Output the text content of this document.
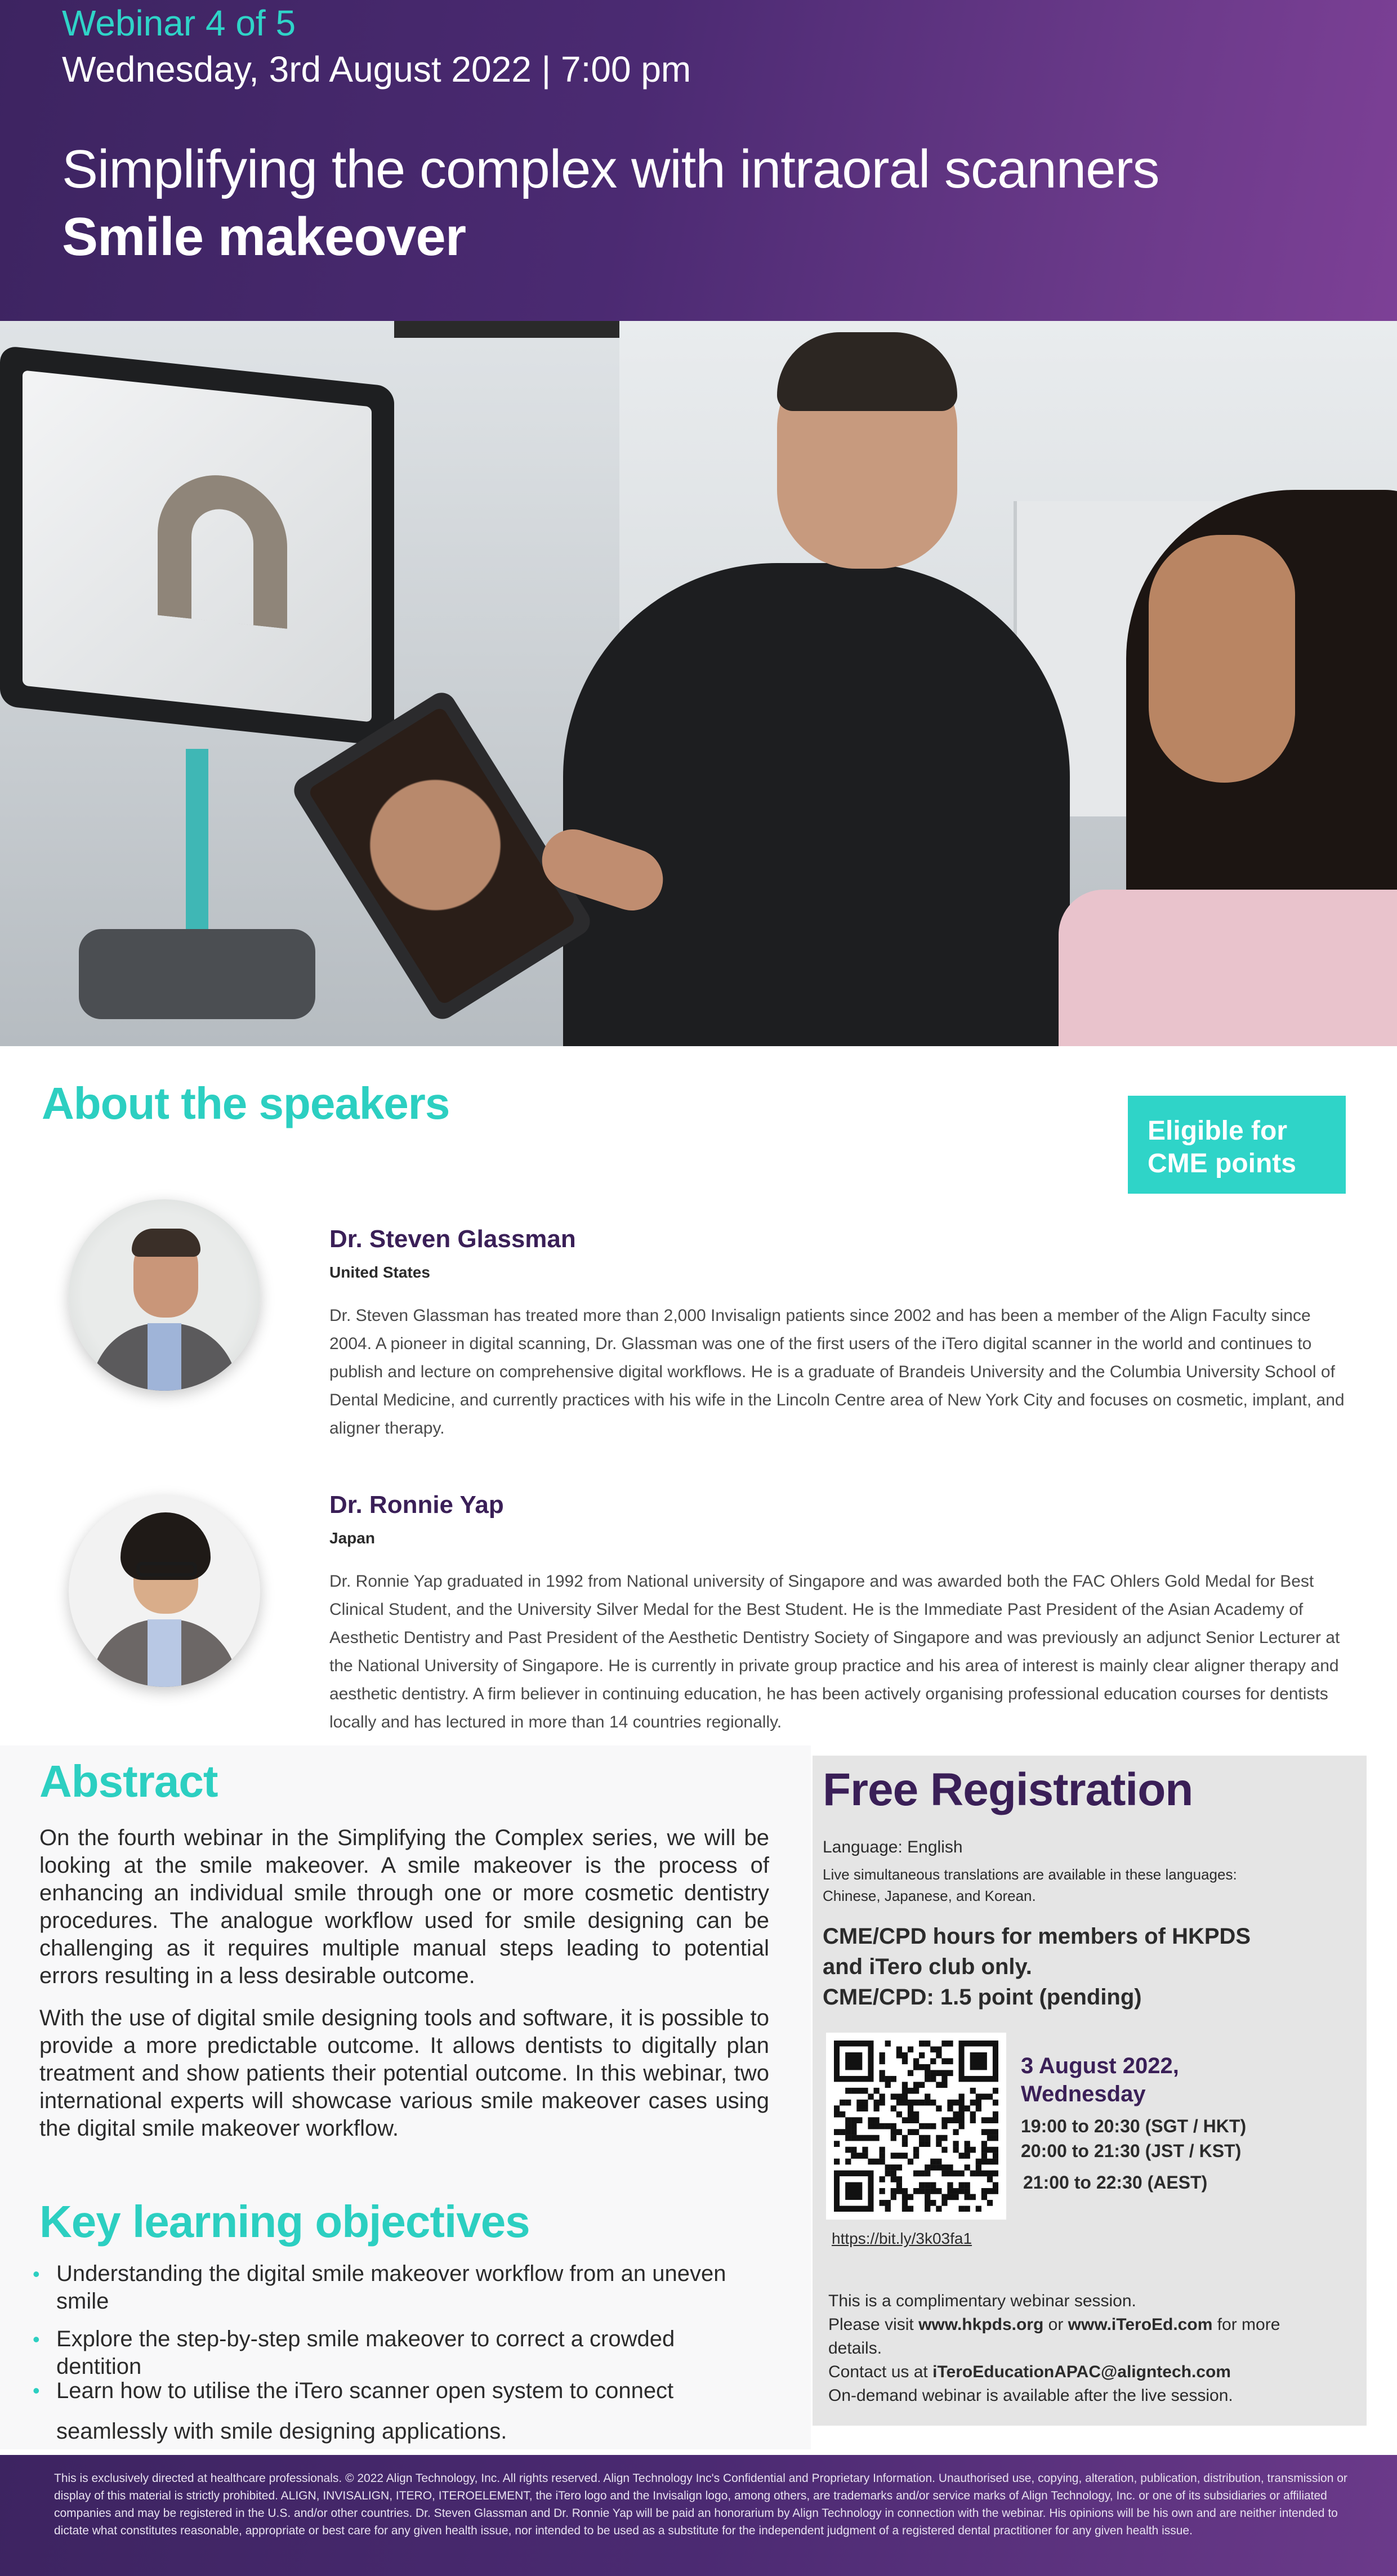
Webinar 4 of 5
Wednesday, 3rd August 2022 | 7:00 pm
Simplifying the complex with intraoral scanners
Smile makeover
About the speakers
Eligible for CME points
Dr. Steven Glassman
United States
Dr. Steven Glassman has treated more than 2,000 Invisalign patients since 2002 and has been a member of the Align Faculty since 2004. A pioneer in digital scanning, Dr. Glassman was one of the first users of the iTero digital scanner in the world and continues to publish and lecture on comprehensive digital workflows. He is a graduate of Brandeis University and the Columbia University School of Dental Medicine, and currently practices with his wife in the Lincoln Centre area of New York City and focuses on cosmetic, implant, and aligner therapy.
Dr. Ronnie Yap
Japan
Dr. Ronnie Yap graduated in 1992 from National university of Singapore and was awarded both the FAC Ohlers Gold Medal for Best Clinical Student, and the University Silver Medal for the Best Student. He is the Immediate Past President of the Asian Academy of Aesthetic Dentistry and Past President of the Aesthetic Dentistry Society of Singapore and was previously an adjunct Senior Lecturer at the National University of Singapore. He is currently in private group practice and his area of interest is mainly clear aligner therapy and aesthetic dentistry. A firm believer in continuing education, he has been actively organising professional education courses for dentists locally and has lectured in more than 14 countries regionally.
Abstract

On the fourth webinar in the Simplifying the Complex series, we will be looking at the smile makeover. A smile makeover is the process of enhancing an individual smile through one or more cosmetic dentistry procedures. The analogue workflow used for smile designing can be challenging as it requires multiple manual steps leading to potential errors resulting in a less desirable outcome.

With the use of digital smile designing tools and software, it is possible to provide a more predictable outcome. It allows dentists to digitally plan treatment and show patients their potential outcome. In this webinar, two international experts will showcase various smile makeover cases using the digital smile makeover workflow.

Key learning objectives
• Understanding the digital smile makeover workflow from an uneven smile
• Explore the step-by-step smile makeover to correct a crowded dentition
• Learn how to utilise the iTero scanner open system to connect seamlessly with smile designing applications.
Free Registration
Language: English
Live simultaneous translations are available in these languages: Chinese, Japanese, and Korean.
CME/CPD hours for members of HKPDS
and iTero club only.
CME/CPD: 1.5 point (pending)
3 August 2022,
Wednesday
19:00 to 20:30 (SGT / HKT)
20:00 to 21:30 (JST / KST)
21:00 to 22:30 (AEST)
https://bit.ly/3k03fa1
This is a complimentary webinar session.
Please visit www.hkpds.org or www.iTeroEd.com for more details.
Contact us at iTeroEducationAPAC@aligntech.com
On-demand webinar is available after the live session.
This is exclusively directed at healthcare professionals. © 2022 Align Technology, Inc. All rights reserved. Align Technology Inc's Confidential and Proprietary Information. Unauthorised use, copying, alteration, publication, distribution, transmission or display of this material is strictly prohibited. ALIGN, INVISALIGN, ITERO, ITEROELEMENT, the iTero logo and the Invisalign logo, among others, are trademarks and/or service marks of Align Technology, Inc. or one of its subsidiaries or affiliated companies and may be registered in the U.S. and/or other countries. Dr. Steven Glassman and Dr. Ronnie Yap will be paid an honorarium by Align Technology in connection with the webinar. His opinions will be his own and are neither intended to dictate what constitutes reasonable, appropriate or best care for any given health issue, nor intended to be used as a substitute for the independent judgment of a registered dental practitioner for any given health issue.
